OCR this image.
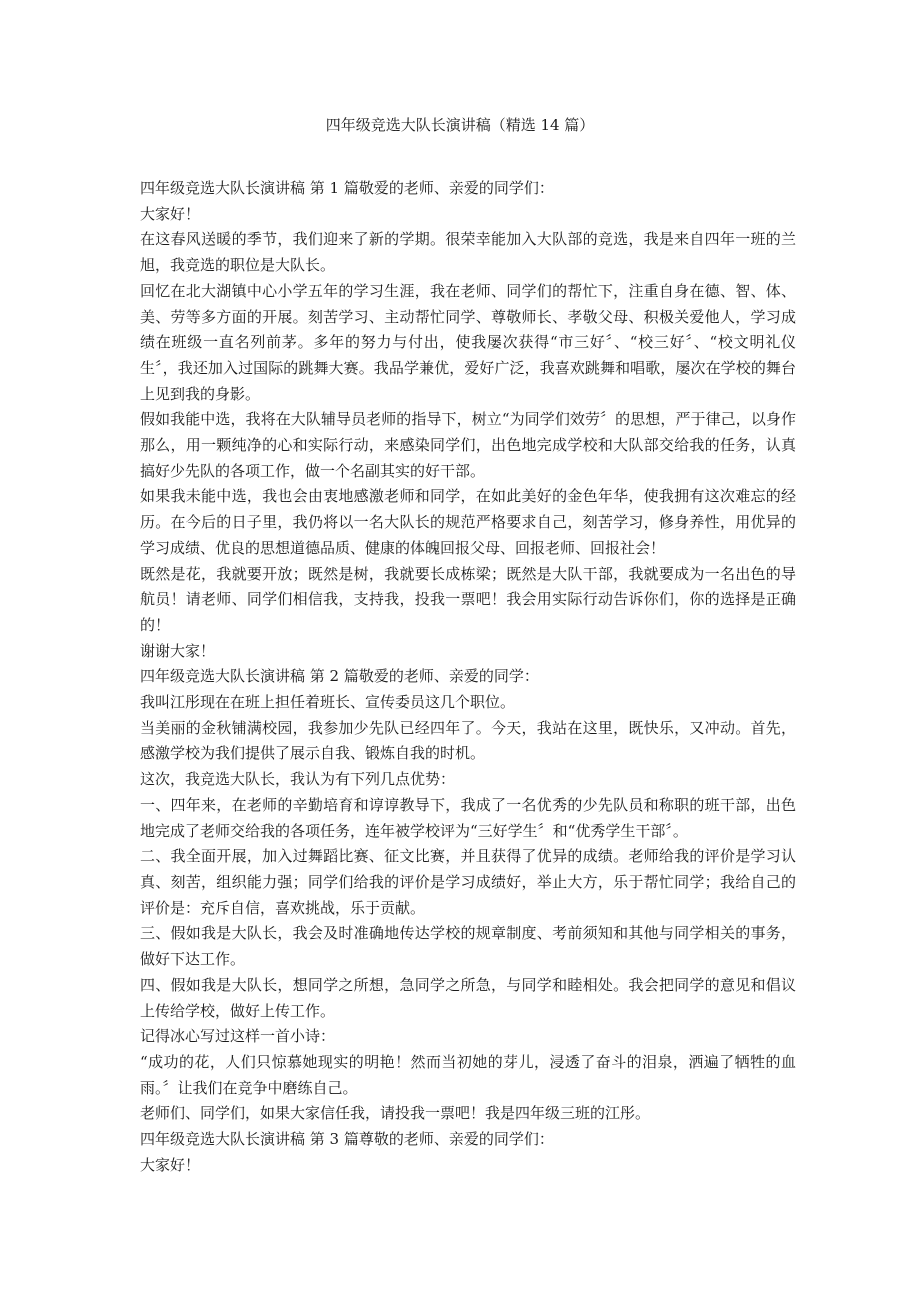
四年级竞选大队长演讲稿（精选 14 篇）

四年级竞选大队长演讲稿 第 1 篇敬爱的老师、亲爱的同学们：

大家好！

在这春风送暖的季节，我们迎来了新的学期。很荣幸能加入大队部的竞选，我是来自四年一班的兰旭，我竞选的职位是大队长。

回忆在北大湖镇中心小学五年的学习生涯，我在老师、同学们的帮忙下，注重自身在德、智、体、美、劳等多方面的开展。刻苦学习、主动帮忙同学、尊敬师长、孝敬父母、积极关爱他人，学习成绩在班级一直名列前茅。多年的努力与付出，使我屡次获得“市三好〞、“校三好〞、“校文明礼仪生〞，我还加入过国际的跳舞大赛。我品学兼优，爱好广泛，我喜欢跳舞和唱歌，屡次在学校的舞台上见到我的身影。

假如我能中选，我将在大队辅导员老师的指导下，树立“为同学们效劳〞的思想，严于律己，以身作那么，用一颗纯净的心和实际行动，来感染同学们，出色地完成学校和大队部交给我的任务，认真搞好少先队的各项工作，做一个名副其实的好干部。

如果我未能中选，我也会由衷地感激老师和同学，在如此美好的金色年华，使我拥有这次难忘的经历。在今后的日子里，我仍将以一名大队长的规范严格要求自己，刻苦学习，修身养性，用优异的学习成绩、优良的思想道德品质、健康的体魄回报父母、回报老师、回报社会！

既然是花，我就要开放；既然是树，我就要长成栋梁；既然是大队干部，我就要成为一名出色的导航员！请老师、同学们相信我，支持我，投我一票吧！我会用实际行动告诉你们，你的选择是正确的！

谢谢大家！

四年级竞选大队长演讲稿 第 2 篇敬爱的老师、亲爱的同学：

我叫江彤现在在班上担任着班长、宣传委员这几个职位。

当美丽的金秋铺满校园，我参加少先队已经四年了。今天，我站在这里，既快乐，又冲动。首先，感激学校为我们提供了展示自我、锻炼自我的时机。

这次，我竞选大队长，我认为有下列几点优势：

一、四年来，在老师的辛勤培育和谆谆教导下，我成了一名优秀的少先队员和称职的班干部，出色地完成了老师交给我的各项任务，连年被学校评为“三好学生〞和“优秀学生干部〞。

二、我全面开展，加入过舞蹈比赛、征文比赛，并且获得了优异的成绩。老师给我的评价是学习认真、刻苦，组织能力强；同学们给我的评价是学习成绩好，举止大方，乐于帮忙同学；我给自己的评价是：充斥自信，喜欢挑战，乐于贡献。

三、假如我是大队长，我会及时准确地传达学校的规章制度、考前须知和其他与同学相关的事务，做好下达工作。

四、假如我是大队长，想同学之所想，急同学之所急，与同学和睦相处。我会把同学的意见和倡议上传给学校，做好上传工作。

记得冰心写过这样一首小诗：

“成功的花，人们只惊慕她现实的明艳！然而当初她的芽儿，浸透了奋斗的泪泉，洒遍了牺牲的血雨。〞让我们在竞争中磨练自己。

老师们、同学们，如果大家信任我，请投我一票吧！我是四年级三班的江彤。

四年级竞选大队长演讲稿 第 3 篇尊敬的老师、亲爱的同学们：

大家好！
